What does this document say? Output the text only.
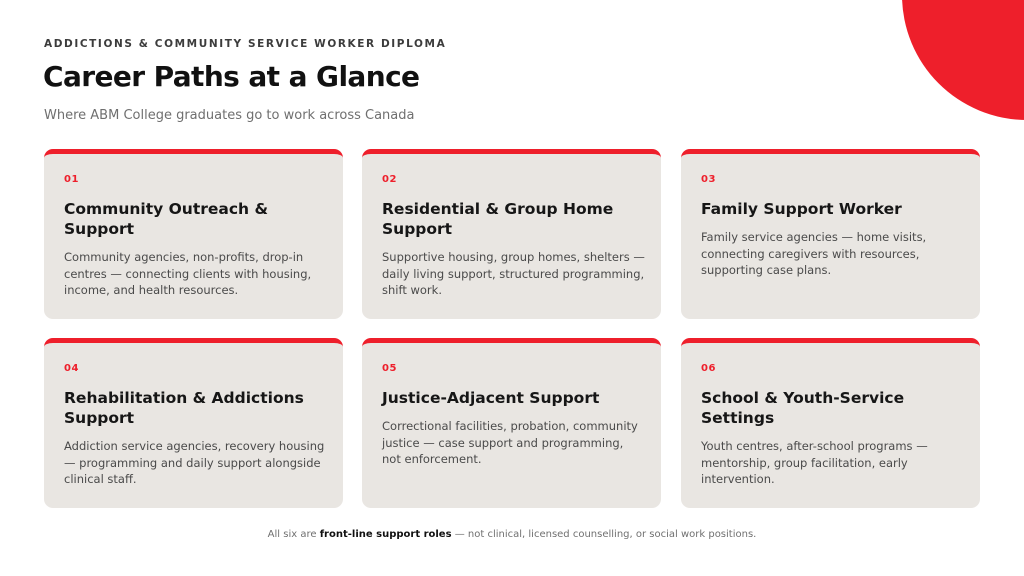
ADDICTIONS & COMMUNITY SERVICE WORKER DIPLOMA
Career Paths at a Glance
Where ABM College graduates go to work across Canada
01
Community Outreach & Support

Community agencies, non-profits, drop-in centres — connecting clients with housing, income, and health resources.

02
Residential & Group Home Support

Supportive housing, group homes, shelters — daily living support, structured programming, shift work.

03
Family Support Worker

Family service agencies — home visits, connecting caregivers with resources, supporting case plans.

04
Rehabilitation & Addictions Support

Addiction service agencies, recovery housing — programming and daily support alongside clinical staff.

05
Justice-Adjacent Support

Correctional facilities, probation, community justice — case support and programming, not enforcement.

06
School & Youth-Service Settings

Youth centres, after-school programs — mentorship, group facilitation, early intervention.

All six are front-line support roles — not clinical, licensed counselling, or social work positions.
